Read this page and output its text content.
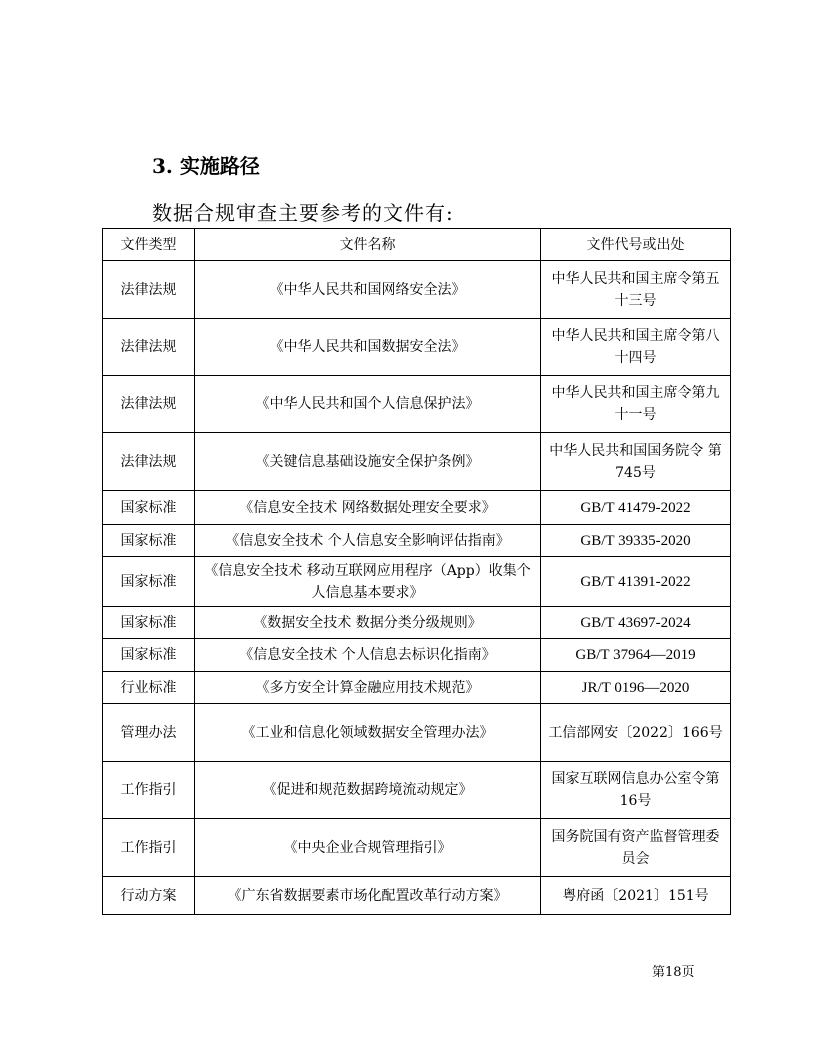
3. 实施路径
数据合规审查主要参考的文件有:
文件类型	文件名称	文件代号或出处
法律法规	《中华人民共和国网络安全法》	中华人民共和国主席令第五十三号
法律法规	《中华人民共和国数据安全法》	中华人民共和国主席令第八十四号
法律法规	《中华人民共和国个人信息保护法》	中华人民共和国主席令第九十一号
法律法规	《关键信息基础设施安全保护条例》	中华人民共和国国务院令 第745号
国家标准	《信息安全技术 网络数据处理安全要求》	GB/T 41479-2022
国家标准	《信息安全技术 个人信息安全影响评估指南》	GB/T 39335-2020
国家标准	《信息安全技术 移动互联网应用程序（App）收集个人信息基本要求》	GB/T 41391-2022
国家标准	《数据安全技术 数据分类分级规则》	GB/T 43697-2024
国家标准	《信息安全技术 个人信息去标识化指南》	GB/T 37964—2019
行业标准	《多方安全计算金融应用技术规范》	JR/T 0196—2020
管理办法	《工业和信息化领域数据安全管理办法》	工信部网安〔2022〕166号
工作指引	《促进和规范数据跨境流动规定》	国家互联网信息办公室令第16号
工作指引	《中央企业合规管理指引》	国务院国有资产监督管理委员会
行动方案	《广东省数据要素市场化配置改革行动方案》	粤府函〔2021〕151号
第18页
